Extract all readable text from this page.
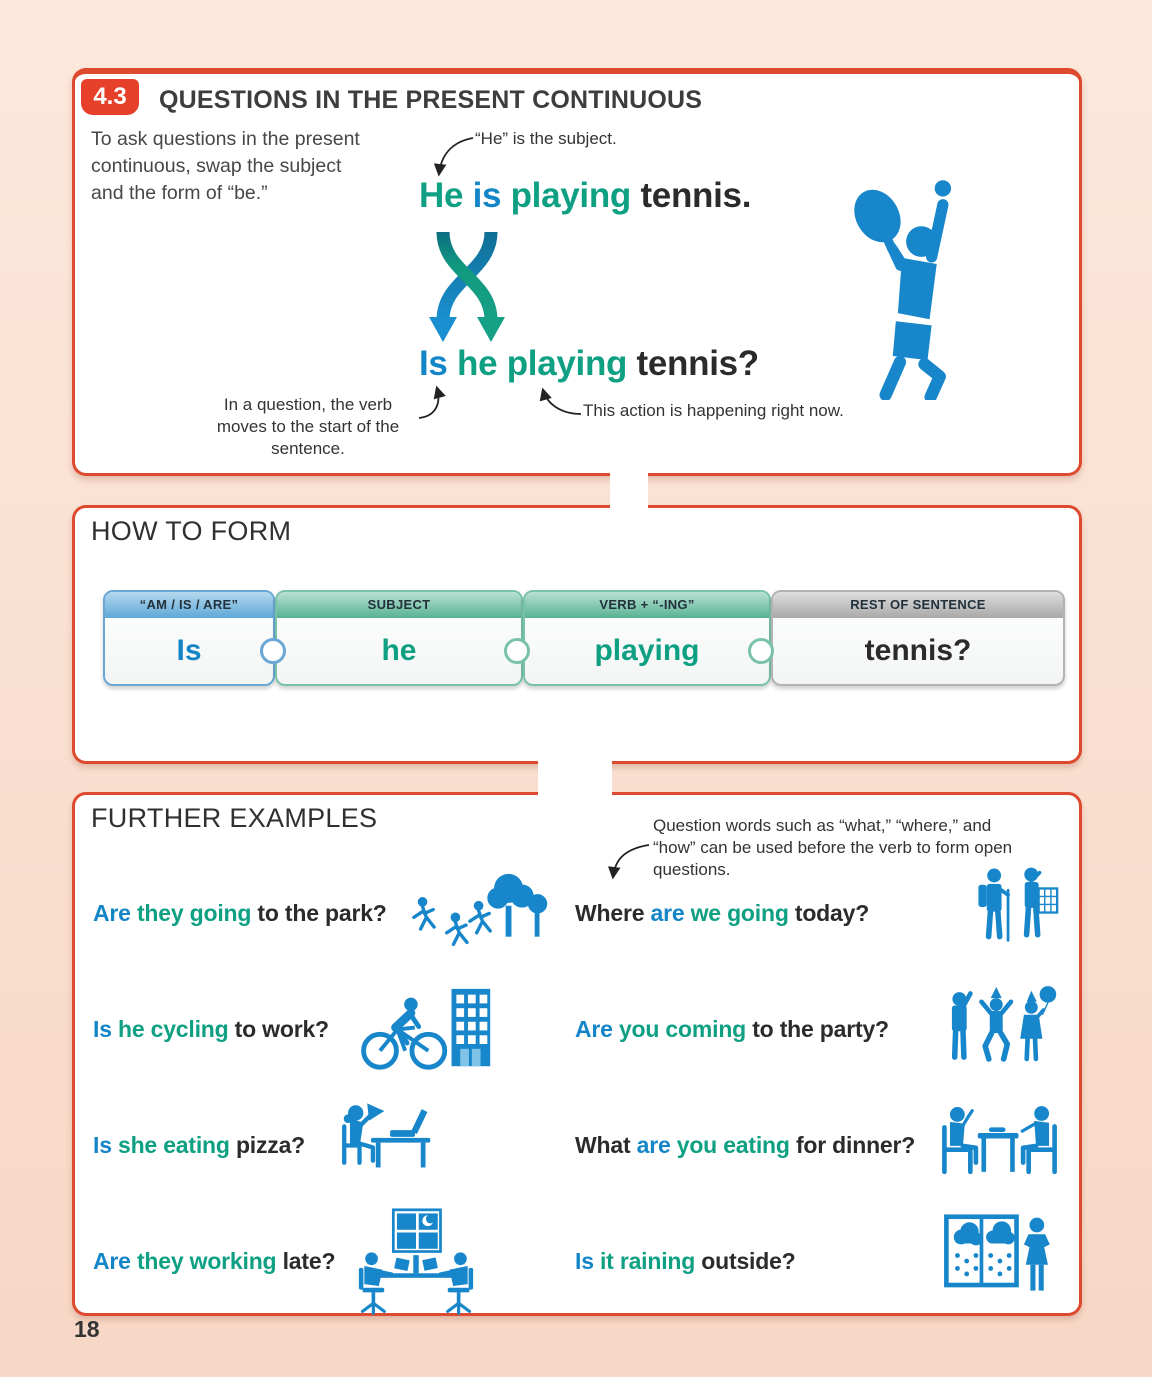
4.3	QUESTIONS IN THE PRESENT CONTINUOUS

To ask questions in the present continuous, swap the subject and the form of “be.”

“He” is the subject.
He is playing tennis.
Is he playing tennis?
In a question, the verb moves to the start of the sentence.
This action is happening right now.
HOW TO FORM
“AM / IS / ARE”
Is
SUBJECT
he
VERB + “-ING”
playing
REST OF SENTENCE
tennis?
FURTHER EXAMPLES	Question words such as “what,” “where,” and “how” can be used before the verb to form open questions.
Are they going to the park?	Where are we going today?
Is he cycling to work?	Are you coming to the party?
Is she eating pizza?	What are you eating for dinner?
Are they working late?	Is it raining outside?
18
